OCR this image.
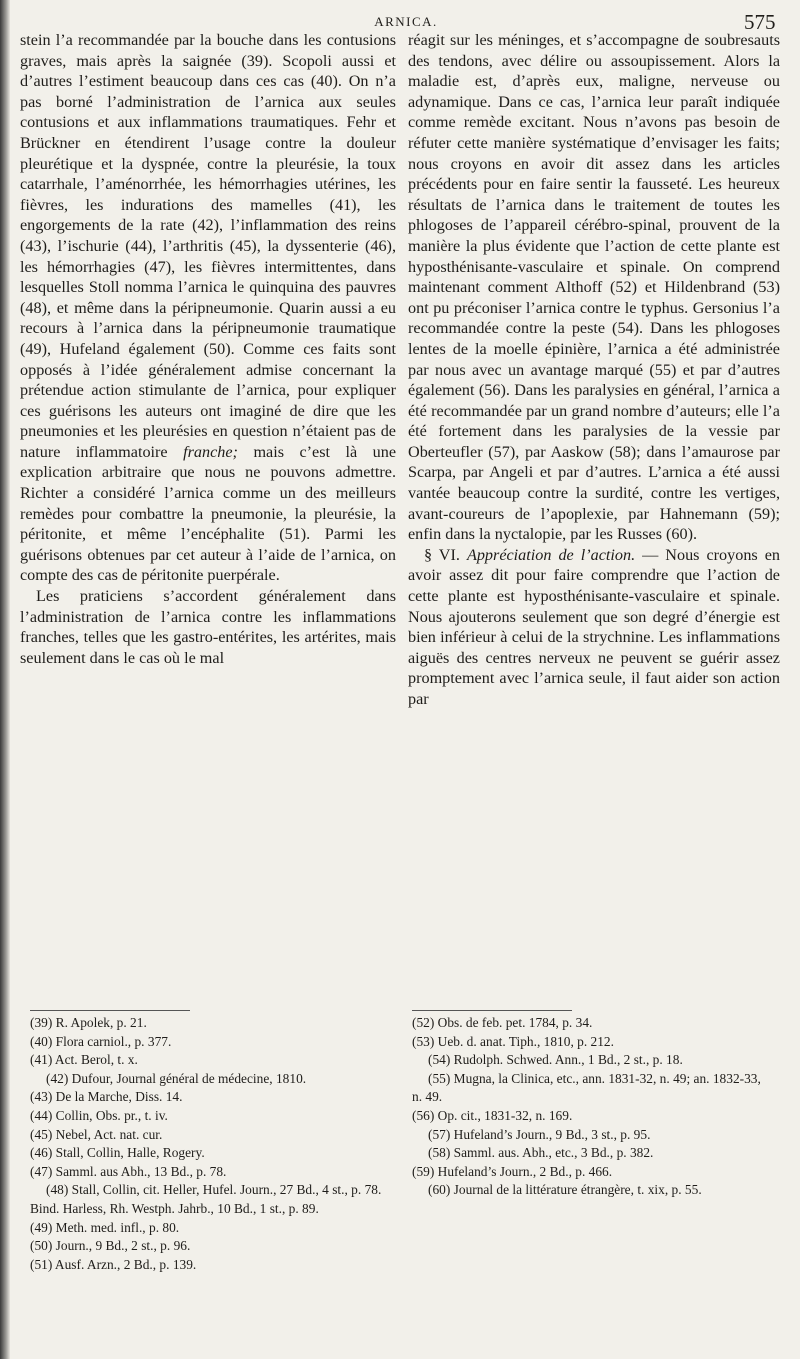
ARNICA.	575

stein l’a recommandée par la bouche dans les contusions graves, mais après la saignée (39). Scopoli aussi et d’autres l’estiment beaucoup dans ces cas (40). On n’a pas borné l’administration de l’arnica aux seules contusions et aux inflammations traumatiques. Fehr et Brückner en étendirent l’usage contre la douleur pleurétique et la dyspnée, contre la pleurésie, la toux catarrhale, l’aménorrhée, les hémorrhagies utérines, les fièvres, les indurations des mamelles (41), les engorgements de la rate (42), l’inflammation des reins (43), l’ischurie (44), l’arthritis (45), la dyssenterie (46), les hémorrhagies (47), les fièvres intermittentes, dans lesquelles Stoll nomma l’arnica le quinquina des pauvres (48), et même dans la péripneumonie. Quarin aussi a eu recours à l’arnica dans la péripneumonie traumatique (49), Hufeland également (50). Comme ces faits sont opposés à l’idée généralement admise concernant la prétendue action stimulante de l’arnica, pour expliquer ces guérisons les auteurs ont imaginé de dire que les pneumonies et les pleurésies en question n’étaient pas de nature inflammatoire franche; mais c’est là une explication arbitraire que nous ne pouvons admettre. Richter a considéré l’arnica comme un des meilleurs remèdes pour combattre la pneumonie, la pleurésie, la péritonite, et même l’encéphalite (51). Parmi les guérisons obtenues par cet auteur à l’aide de l’arnica, on compte des cas de péritonite puerpérale.

Les praticiens s’accordent généralement dans l’administration de l’arnica contre les inflammations franches, telles que les gastro-entérites, les artérites, mais seulement dans le cas où le mal

(39) R. Apolek, p. 21.

(40) Flora carniol., p. 377.

(41) Act. Berol, t. x.

(42) Dufour, Journal général de médecine, 1810.

(43) De la Marche, Diss. 14.

(44) Collin, Obs. pr., t. iv.

(45) Nebel, Act. nat. cur.

(46) Stall, Collin, Halle, Rogery.

(47) Samml. aus Abh., 13 Bd., p. 78.

(48) Stall, Collin, cit. Heller, Hufel. Journ., 27 Bd., 4 st., p. 78. Bind. Harless, Rh. Westph. Jahrb., 10 Bd., 1 st., p. 89.

(49) Meth. med. infl., p. 80.

(50) Journ., 9 Bd., 2 st., p. 96.

(51) Ausf. Arzn., 2 Bd., p. 139.

réagit sur les méninges, et s’accompagne de soubresauts des tendons, avec délire ou assoupissement. Alors la maladie est, d’après eux, maligne, nerveuse ou adynamique. Dans ce cas, l’arnica leur paraît indiquée comme remède excitant. Nous n’avons pas besoin de réfuter cette manière systématique d’envisager les faits; nous croyons en avoir dit assez dans les articles précédents pour en faire sentir la fausseté. Les heureux résultats de l’arnica dans le traitement de toutes les phlogoses de l’appareil cérébro-spinal, prouvent de la manière la plus évidente que l’action de cette plante est hyposthénisante-vasculaire et spinale. On comprend maintenant comment Althoff (52) et Hildenbrand (53) ont pu préconiser l’arnica contre le typhus. Gersonius l’a recommandée contre la peste (54). Dans les phlogoses lentes de la moelle épinière, l’arnica a été administrée par nous avec un avantage marqué (55) et par d’autres également (56). Dans les paralysies en général, l’arnica a été recommandée par un grand nombre d’auteurs; elle l’a été fortement dans les paralysies de la vessie par Oberteufler (57), par Aaskow (58); dans l’amaurose par Scarpa, par Angeli et par d’autres. L’arnica a été aussi vantée beaucoup contre la surdité, contre les vertiges, avant-coureurs de l’apoplexie, par Hahnemann (59); enfin dans la nyctalopie, par les Russes (60).

§ VI. Appréciation de l’action. — Nous croyons en avoir assez dit pour faire comprendre que l’action de cette plante est hyposthénisante-vasculaire et spinale. Nous ajouterons seulement que son degré d’énergie est bien inférieur à celui de la strychnine. Les inflammations aiguës des centres nerveux ne peuvent se guérir assez promptement avec l’arnica seule, il faut aider son action par

(52) Obs. de feb. pet. 1784, p. 34.

(53) Ueb. d. anat. Tiph., 1810, p. 212.

(54) Rudolph. Schwed. Ann., 1 Bd., 2 st., p. 18.

(55) Mugna, la Clinica, etc., ann. 1831-32, n. 49; an. 1832-33, n. 49.

(56) Op. cit., 1831-32, n. 169.

(57) Hufeland’s Journ., 9 Bd., 3 st., p. 95.

(58) Samml. aus. Abh., etc., 3 Bd., p. 382.

(59) Hufeland’s Journ., 2 Bd., p. 466.

(60) Journal de la littérature étrangère, t. xix, p. 55.
